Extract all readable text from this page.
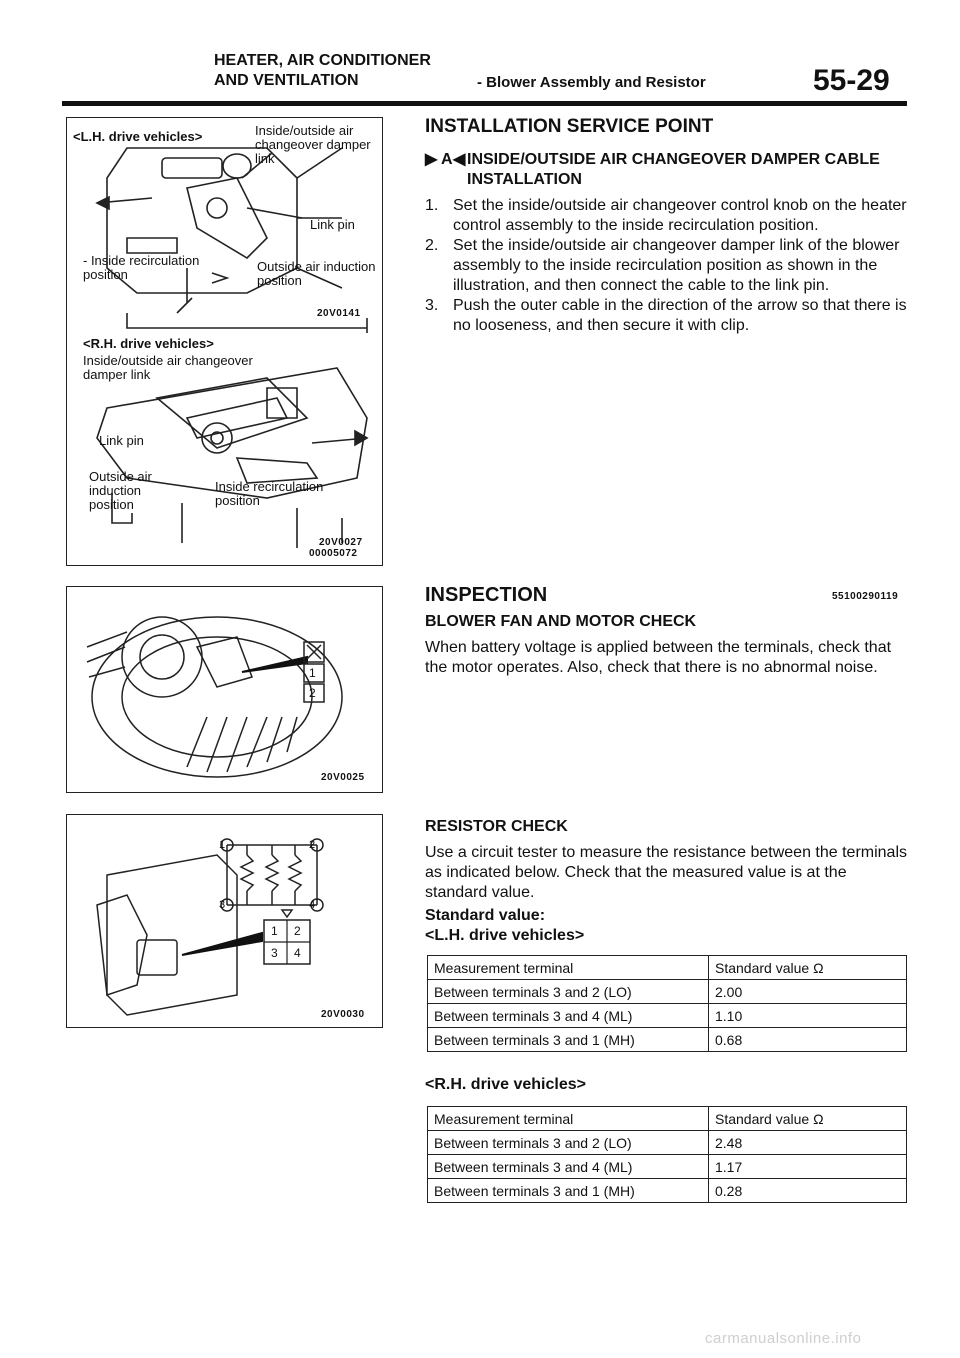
HEATER, AIR CONDITIONER
AND VENTILATION	- Blower Assembly and Resistor	55-29
<L.H. drive vehicles>	Inside/outside air changeover damper link
Link pin
- Inside recirculation position
Outside air induction position
20V0141
<R.H. drive vehicles>
Inside/outside air changeover damper link
Link pin
Outside air induction position
Inside recirculation position
20V0027
00005072
1
2
20V0025
1	2
3	4
1 2
3 4
20V0030
INSTALLATION SERVICE POINT
▶ A ◀ INSIDE/OUTSIDE AIR CHANGEOVER DAMPER CABLE INSTALLATION
1. Set the inside/outside air changeover control knob on the heater control assembly to the inside recirculation position.
2. Set the inside/outside air changeover damper link of the blower assembly to the inside recirculation position as shown in the illustration, and then connect the cable to the link pin.
3. Push the outer cable in the direction of the arrow so that there is no looseness, and then secure it with clip.
INSPECTION	55100290119
BLOWER FAN AND MOTOR CHECK
When battery voltage is applied between the terminals, check that the motor operates. Also, check that there is no abnormal noise.
RESISTOR CHECK
Use a circuit tester to measure the resistance between the terminals as indicated below. Check that the measured value is at the standard value.
Standard value:
<L.H. drive vehicles>
Measurement terminal	Standard value Ω
Between terminals 3 and 2 (LO)	2.00
Between terminals 3 and 4 (ML)	1.10
Between terminals 3 and 1 (MH)	0.68
<R.H. drive vehicles>
Measurement terminal	Standard value Ω
Between terminals 3 and 2 (LO)	2.48
Between terminals 3 and 4 (ML)	1.17
Between terminals 3 and 1 (MH)	0.28
carmanualsonline.info
